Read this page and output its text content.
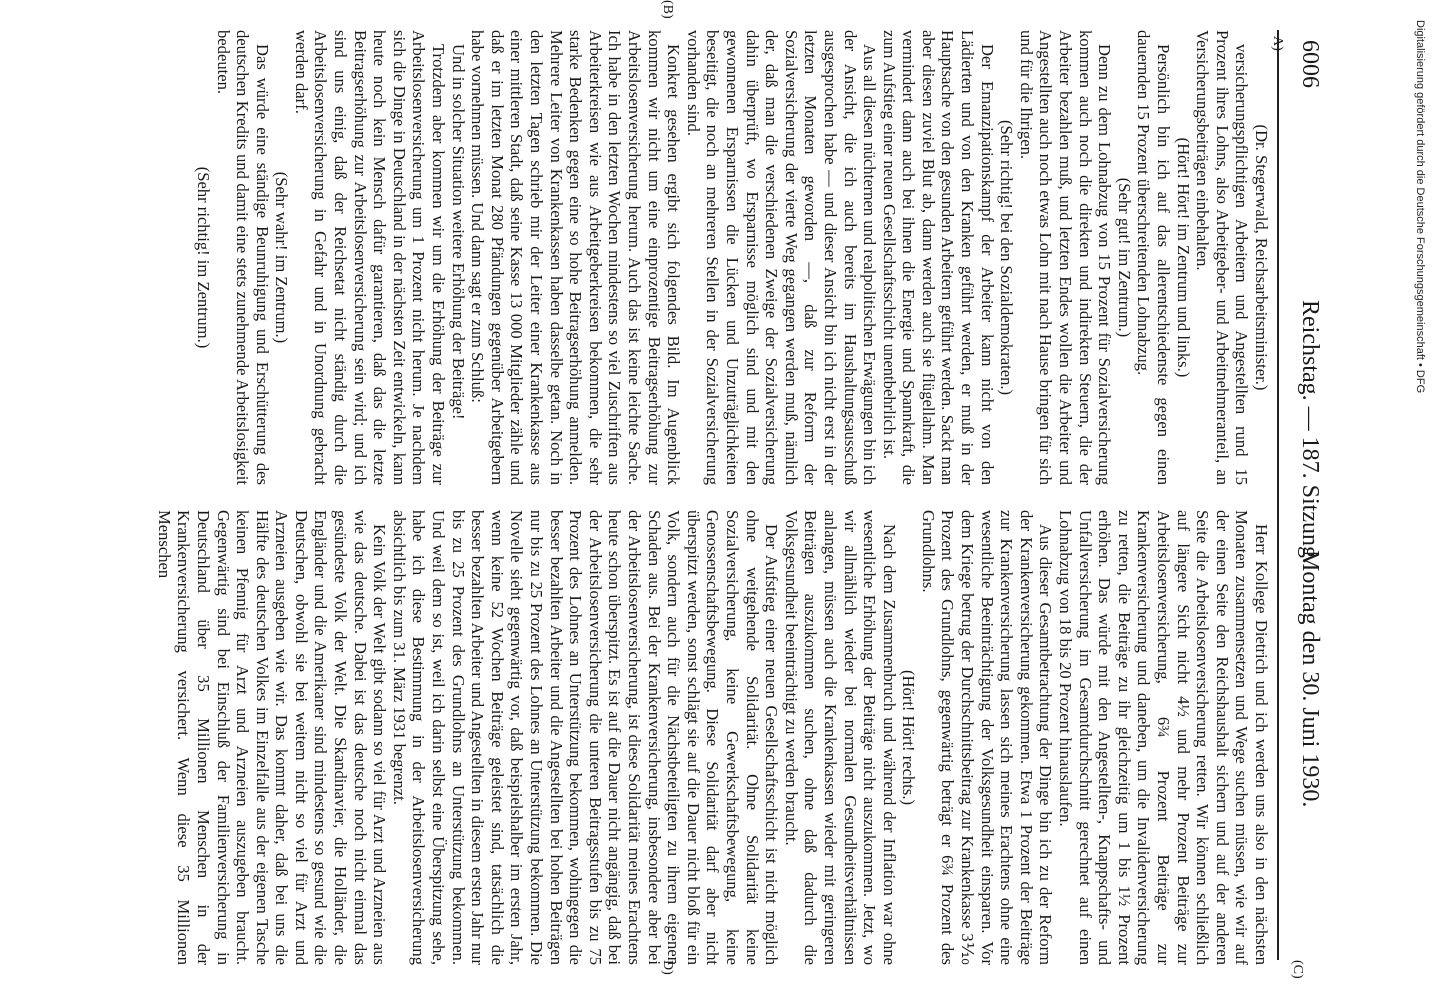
6006
Reichstag. — 187. Sitzung.
Montag den 30. Juni 1930.
A)
(B)
(C)
D)

(Dr. Stegerwald, Reichsarbeitsminister.)

versicherungspflichtigen Arbeitern und Angestellten rund 15 Prozent ihres Lohns, also Arbeitgeber- und Arbeitnehmeranteil, an Versicherungsbeiträgen einbehalten.

(Hört! Hört! im Zentrum und links.)

Persönlich bin ich auf das allerentschiedenste gegen einen dauernden 15 Prozent überschreitenden Lohnabzug.

(Sehr gut! im Zentrum.)

Denn zu dem Lohnabzug von 15 Prozent für Sozialversicherung kommen auch noch die direkten und indirekten Steuern, die der Arbeiter bezahlen muß, und letzten Endes wollen die Arbeiter und Angestellten auch noch etwas Lohn mit nach Hause bringen für sich und für die Ihrigen.

(Sehr richtig! bei den Sozialdemokraten.)

Der Emanzipationskampf der Arbeiter kann nicht von den Lädierten und von den Kranken geführt werden, er muß in der Hauptsache von den gesunden Arbeitern geführt werden. Sackt man aber diesen zuviel Blut ab, dann werden auch sie flügellahm. Man vermindert dann auch bei ihnen die Energie und Spannkraft, die zum Aufstieg einer neuen Gesellschaftsschicht unentbehrlich ist.

Aus all diesen nüchternen und realpolitischen Erwägungen bin ich der Ansicht, die ich auch bereits im Haushaltungsausschuß ausgesprochen habe — und dieser Ansicht bin ich nicht erst in der letzten Monaten geworden —, daß zur Reform der Sozialversicherung der vierte Weg gegangen werden muß, nämlich der, daß man die verschiedenen Zweige der Sozialversicherung dahin überprüft, wo Ersparnisse möglich sind und mit den gewonnenen Ersparnissen die Lücken und Unzuträglichkeiten beseitigt, die noch an mehreren Stellen in der Sozialversicherung vorhanden sind.

Konkret gesehen ergibt sich folgendes Bild. Im Augenblick kommen wir nicht um eine einprozentige Beitragserhöhung zur Arbeitslosenversicherung herum. Auch das ist keine leichte Sache. Ich habe in den letzten Wochen mindestens so viel Zuschriften aus Arbeiterkreisen wie aus Arbeitgeberkreisen bekommen, die sehr starke Bedenken gegen eine so hohe Beitragserhöhung anmelden. Mehrere Leiter von Krankenkassen haben dasselbe getan. Noch in den letzten Tagen schrieb mir der Leiter einer Krankenkasse aus einer mittleren Stadt, daß seine Kasse 13 000 Mitglieder zähle und daß er im letzten Monat 280 Pfändungen gegenüber Arbeitgebern habe vornehmen müssen. Und dann sagt er zum Schluß:

Und in solcher Situation weitere Erhöhung der Beiträge!

Trotzdem aber kommen wir um die Erhöhung der Beiträge zur Arbeitslosenversicherung um 1 Prozent nicht herum. Je nachdem sich die Dinge in Deutschland in der nächsten Zeit entwickeln, kann heute noch kein Mensch dafür garantieren, daß das die letzte Beitragserhöhung zur Arbeitslosenversicherung sein wird; und ich sind uns einig, daß der Reichsetat nicht ständig durch die Arbeitslosenversicherung in Gefahr und in Unordnung gebracht werden darf.

(Sehr wahr! im Zentrum.)

Das würde eine ständige Beunruhigung und Erschütterung des deutschen Kredits und damit eine stets zunehmende Arbeitslosigkeit bedeuten.

(Sehr richtig! im Zentrum.)

Herr Kollege Dietrich und ich werden uns also in den nächsten Monaten zusammensetzen und Wege suchen müssen, wie wir auf der einen Seite den Reichshaushalt sichern und auf der anderen Seite die Arbeitslosenversicherung retten. Wir können schließlich auf längere Sicht nicht 4½ und mehr Prozent Beiträge zur Arbeitslosenversicherung, 6¾ Prozent Beiträge zur Krankenversicherung und daneben, um die Invalidenversicherung zu retten, die Beiträge zu ihr gleichzeitig um 1 bis 1½ Prozent erhöhen. Das würde mit den Angestellten-, Knappschafts- und Unfallversicherung im Gesamtdurchschnitt gerechnet auf einen Lohnabzug von 18 bis 20 Prozent hinauslaufen.

Aus dieser Gesamtbetrachtung der Dinge bin ich zu der Reform der Krankenversicherung gekommen. Etwa 1 Prozent der Beiträge zur Krankenversicherung lassen sich meines Erachtens ohne eine wesentliche Beeinträchtigung der Volksgesundheit einsparen. Vor dem Kriege betrug der Durchschnittsbeitrag zur Krankenkasse 3⅒ Prozent des Grundlohns, gegenwärtig beträgt er 6¾ Prozent des Grundlohns.

(Hört! Hört! rechts.)

Nach dem Zusammenbruch und während der Inflation war ohne wesentliche Erhöhung der Beiträge nicht auszukommen. Jetzt, wo wir allmählich wieder bei normalen Gesundheitsverhältnissen anlangen, müssen auch die Krankenkassen wieder mit geringeren Beiträgen auszukommen suchen, ohne daß dadurch die Volksgesundheit beeinträchtigt zu werden braucht.

Der Aufstieg einer neuen Gesellschaftsschicht ist nicht möglich ohne weitgehende Solidarität. Ohne Solidarität keine Sozialversicherung, keine Gewerkschaftsbewegung, keine Genossenschaftsbewegung. Diese Solidarität darf aber nicht überspitzt werden, sonst schlägt sie auf die Dauer nicht bloß für ein Volk, sondern auch für die Nächstbeteiligten zu ihrem eigenen Schaden aus. Bei der Krankenversicherung, insbesondere aber bei der Arbeitslosenversicherung, ist diese Solidarität meines Erachtens heute schon überspitzt. Es ist auf die Dauer nicht angängig, daß bei der Arbeitslosenversicherung die unteren Beitragsstufen bis zu 75 Prozent des Lohnes an Unterstützung bekommen, wohingegen die besser bezahlten Arbeiter und die Angestellten bei hohen Beiträgen nur bis zu 25 Prozent des Lohnes an Unterstützung bekommen. Die Novelle sieht gegenwärtig vor, daß beispielshalber im ersten Jahr, wenn keine 52 Wochen Beiträge geleistet sind, tatsächlich die besser bezahlten Arbeiter und Angestellten in diesem ersten Jahr nur bis zu 25 Prozent des Grundlohns an Unterstützung bekommen. Und weil dem so ist, weil ich darin selbst eine Überspitzung sehe, habe ich diese Bestimmung in der Arbeitslosenversicherung absichtlich bis zum 31. März 1931 begrenzt.

Kein Volk der Welt gibt sodann so viel für Arzt und Arzneien aus wie das deutsche. Dabei ist das deutsche noch nicht einmal das gesündeste Volk der Welt. Die Skandinavier, die Holländer, die Engländer und die Amerikaner sind mindestens so gesund wie die Deutschen, obwohl sie bei weitem nicht so viel für Arzt und Arzneien ausgeben wie wir. Das kommt daher, daß bei uns die Hälfte des deutschen Volkes im Einzelfalle aus der eigenen Tasche keinen Pfennig für Arzt und Arzneien auszugeben braucht. Gegenwärtig sind bei Einschluß der Familienversicherung in Deutschland über 35 Millionen Menschen in der Krankenversicherung versichert. Wenn diese 35 Millionen Menschen

Digitalisierung gefördert durch die Deutsche Forschungsgemeinschaft • DFG
